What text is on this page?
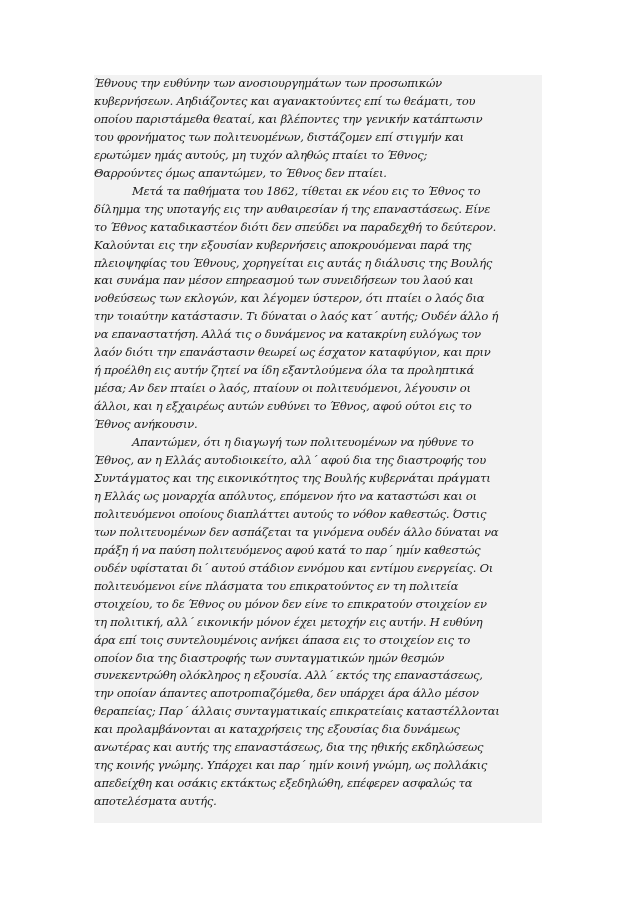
Έθνους την ευθύνην των ανοσιουργημάτων των προσωπικών
κυβερνήσεων. Αηδιάζοντες και αγανακτούντες επί τω θεάματι, του
οποίου παριστάμεθα θεαταί, και βλέποντες την γενικήν κατάπτωσιν
του φρονήματος των πολιτευομένων, διστάζομεν επί στιγμήν και
ερωτώμεν ημάς αυτούς, μη τυχόν αληθώς πταίει το Έθνος;
Θαρρούντες όμως απαντώμεν, το Έθνος δεν πταίει.
Μετά τα παθήματα του 1862, τίθεται εκ νέου εις το Έθνος το
δίλημμα της υποταγής εις την αυθαιρεσίαν ή της επαναστάσεως. Είνε
το Έθνος καταδικαστέον διότι δεν σπεύδει να παραδεχθή το δεύτερον.
Καλούνται εις την εξουσίαν κυβερνήσεις αποκρουόμεναι παρά της
πλειοψηφίας του Έθνους, χορηγείται εις αυτάς η διάλυσις της Βουλής
και συνάμα παν μέσον επηρεασμού των συνειδήσεων του λαού και
νοθεύσεως των εκλογών, και λέγομεν ύστερον, ότι πταίει ο λαός δια
την τοιαύτην κατάστασιν. Τι δύναται ο λαός κατ΄ αυτής; Ουδέν άλλο ή
να επαναστατήση. Αλλά τις ο δυνάμενος να κατακρίνη ευλόγως τον
λαόν διότι την επανάστασιν θεωρεί ως έσχατον καταφύγιον, και πριν
ή προέλθη εις αυτήν ζητεί να ίδη εξαντλούμενα όλα τα προληπτικά
μέσα; Αν δεν πταίει ο λαός, πταίουν οι πολιτευόμενοι, λέγουσιν οι
άλλοι, και η εξχαιρέως αυτών ευθύνει το Έθνος, αφού ούτοι εις το
Έθνος ανήκουσιν.
Απαντώμεν, ότι η διαγωγή των πολιτευομένων να ηύθυνε το
Έθνος, αν η Ελλάς αυτοδιοικείτο, αλλ΄ αφού δια της διαστροφής του
Συντάγματος και της εικονικότητος της Βουλής κυβερνάται πράγματι
η Ελλάς ως μοναρχία απόλυτος, επόμενον ήτο να καταστώσι και οι
πολιτευόμενοι οποίους διαπλάττει αυτούς το νόθον καθεστώς. Όστις
των πολιτευομένων δεν ασπάζεται τα γινόμενα ουδέν άλλο δύναται να
πράξη ή να παύση πολιτευόμενος αφού κατά το παρ΄ ημίν καθεστώς
ουδέν υφίσταται δι΄ αυτού στάδιον εννόμου και εντίμου ενεργείας. Οι
πολιτευόμενοι είνε πλάσματα του επικρατούντος εν τη πολιτεία
στοιχείου, το δε Έθνος ου μόνον δεν είνε το επικρατούν στοιχείον εν
τη πολιτική, αλλ΄ εικονικήν μόνον έχει μετοχήν εις αυτήν. Η ευθύνη
άρα επί τοις συντελουμένοις ανήκει άπασα εις το στοιχείον εις το
οποίον δια της διαστροφής των συνταγματικών ημών θεσμών
συνεκεντρώθη ολόκληρος η εξουσία. Αλλ΄ εκτός της επαναστάσεως,
την οποίαν άπαντες αποτροπιαζόμεθα, δεν υπάρχει άρα άλλο μέσον
θεραπείας; Παρ΄ άλλαις συνταγματικαίς επικρατείαις καταστέλλονται
και προλαμβάνονται αι καταχρήσεις της εξουσίας δια δυνάμεως
ανωτέρας και αυτής της επαναστάσεως, δια της ηθικής εκδηλώσεως
της κοινής γνώμης. Υπάρχει και παρ΄ ημίν κοινή γνώμη, ως πολλάκις
απεδείχθη και οσάκις εκτάκτως εξεδηλώθη, επέφερεν ασφαλώς τα
αποτελέσματα αυτής.
